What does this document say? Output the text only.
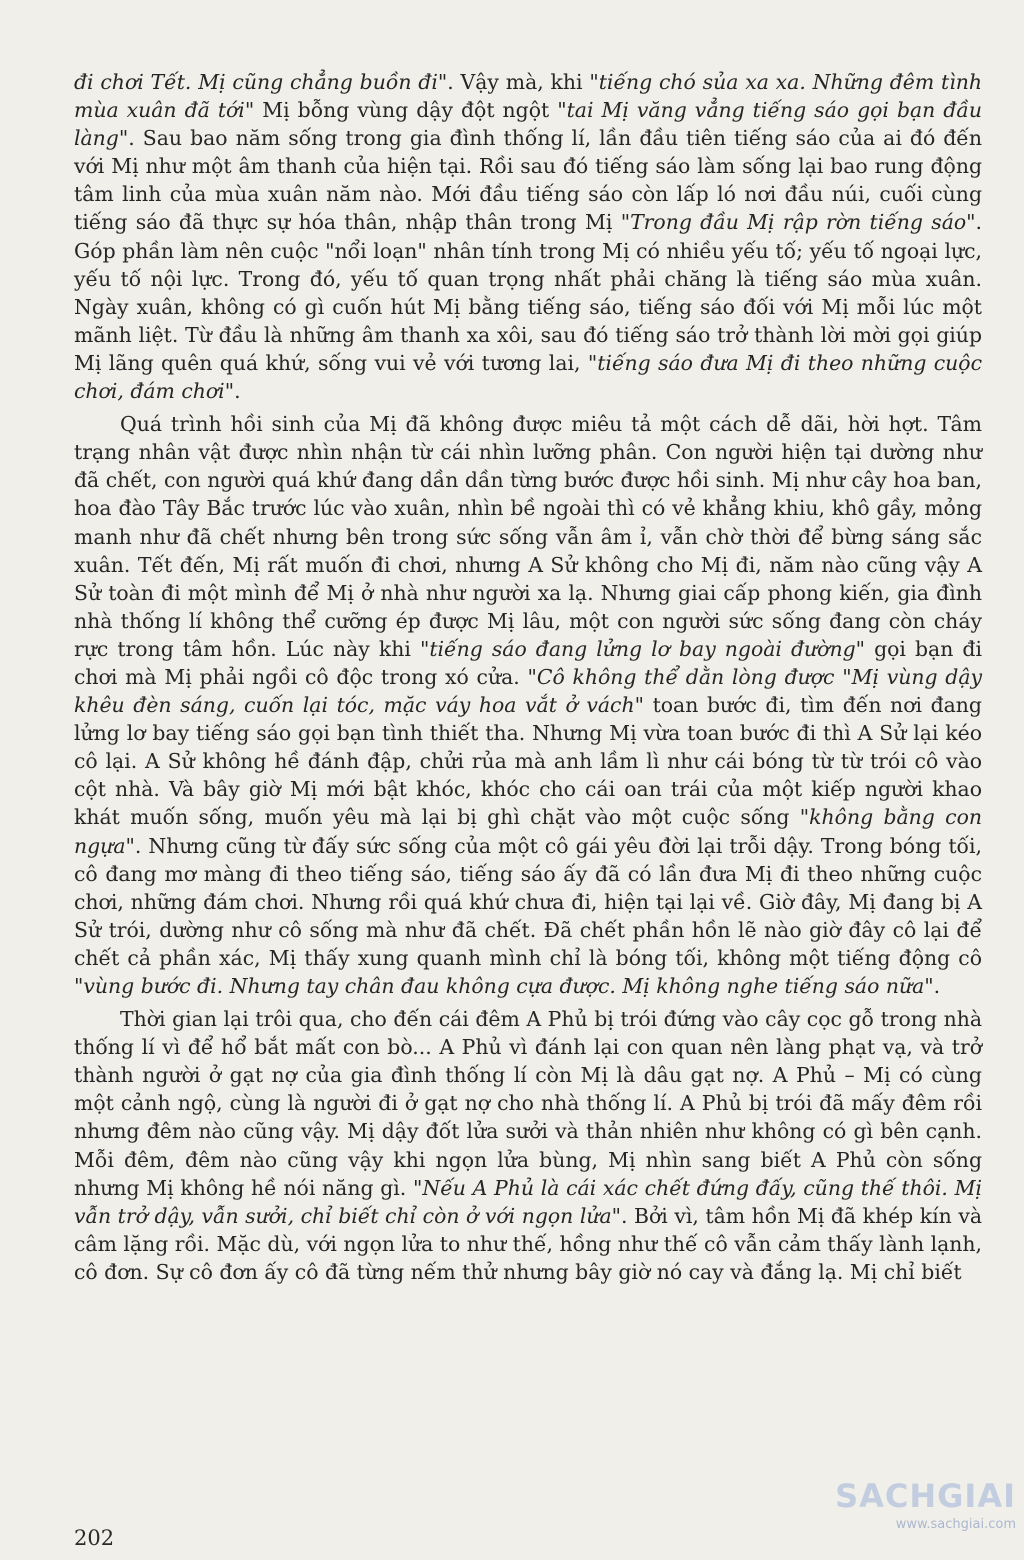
đi chơi Tết. Mị cũng chẳng buồn đi". Vậy mà, khi "tiếng chó sủa xa xa. Những đêm tình mùa xuân đã tới" Mị bỗng vùng dậy đột ngột "tai Mị văng vẳng tiếng sáo gọi bạn đầu làng". Sau bao năm sống trong gia đình thống lí, lần đầu tiên tiếng sáo của ai đó đến với Mị như một âm thanh của hiện tại. Rồi sau đó tiếng sáo làm sống lại bao rung động tâm linh của mùa xuân năm nào. Mới đầu tiếng sáo còn lấp ló nơi đầu núi, cuối cùng tiếng sáo đã thực sự hóa thân, nhập thân trong Mị "Trong đầu Mị rập rờn tiếng sáo". Góp phần làm nên cuộc "nổi loạn" nhân tính trong Mị có nhiều yếu tố; yếu tố ngoại lực, yếu tố nội lực. Trong đó, yếu tố quan trọng nhất phải chăng là tiếng sáo mùa xuân. Ngày xuân, không có gì cuốn hút Mị bằng tiếng sáo, tiếng sáo đối với Mị mỗi lúc một mãnh liệt. Từ đầu là những âm thanh xa xôi, sau đó tiếng sáo trở thành lời mời gọi giúp Mị lãng quên quá khứ, sống vui vẻ với tương lai, "tiếng sáo đưa Mị đi theo những cuộc chơi, đám chơi".

Quá trình hồi sinh của Mị đã không được miêu tả một cách dễ dãi, hời hợt. Tâm trạng nhân vật được nhìn nhận từ cái nhìn lưỡng phân. Con người hiện tại dường như đã chết, con người quá khứ đang dần dần từng bước được hồi sinh. Mị như cây hoa ban, hoa đào Tây Bắc trước lúc vào xuân, nhìn bề ngoài thì có vẻ khẳng khiu, khô gầy, mỏng manh như đã chết nhưng bên trong sức sống vẫn âm ỉ, vẫn chờ thời để bừng sáng sắc xuân. Tết đến, Mị rất muốn đi chơi, nhưng A Sử không cho Mị đi, năm nào cũng vậy A Sử toàn đi một mình để Mị ở nhà như người xa lạ. Nhưng giai cấp phong kiến, gia đình nhà thống lí không thể cưỡng ép được Mị lâu, một con người sức sống đang còn cháy rực trong tâm hồn. Lúc này khi "tiếng sáo đang lửng lơ bay ngoài đường" gọi bạn đi chơi mà Mị phải ngồi cô độc trong xó cửa. "Cô không thể dằn lòng được "Mị vùng dậy khêu đèn sáng, cuốn lại tóc, mặc váy hoa vắt ở vách" toan bước đi, tìm đến nơi đang lửng lơ bay tiếng sáo gọi bạn tình thiết tha. Nhưng Mị vừa toan bước đi thì A Sử lại kéo cô lại. A Sử không hề đánh đập, chửi rủa mà anh lầm lì như cái bóng từ từ trói cô vào cột nhà. Và bây giờ Mị mới bật khóc, khóc cho cái oan trái của một kiếp người khao khát muốn sống, muốn yêu mà lại bị ghì chặt vào một cuộc sống "không bằng con ngựa". Nhưng cũng từ đấy sức sống của một cô gái yêu đời lại trỗi dậy. Trong bóng tối, cô đang mơ màng đi theo tiếng sáo, tiếng sáo ấy đã có lần đưa Mị đi theo những cuộc chơi, những đám chơi. Nhưng rồi quá khứ chưa đi, hiện tại lại về. Giờ đây, Mị đang bị A Sử trói, dường như cô sống mà như đã chết. Đã chết phần hồn lẽ nào giờ đây cô lại để chết cả phần xác, Mị thấy xung quanh mình chỉ là bóng tối, không một tiếng động cô "vùng bước đi. Nhưng tay chân đau không cựa được. Mị không nghe tiếng sáo nữa".

Thời gian lại trôi qua, cho đến cái đêm A Phủ bị trói đứng vào cây cọc gỗ trong nhà thống lí vì để hổ bắt mất con bò... A Phủ vì đánh lại con quan nên làng phạt vạ, và trở thành người ở gạt nợ của gia đình thống lí còn Mị là dâu gạt nợ. A Phủ – Mị có cùng một cảnh ngộ, cùng là người đi ở gạt nợ cho nhà thống lí. A Phủ bị trói đã mấy đêm rồi nhưng đêm nào cũng vậy. Mị dậy đốt lửa sưởi và thản nhiên như không có gì bên cạnh. Mỗi đêm, đêm nào cũng vậy khi ngọn lửa bùng, Mị nhìn sang biết A Phủ còn sống nhưng Mị không hề nói năng gì. "Nếu A Phủ là cái xác chết đứng đấy, cũng thế thôi. Mị vẫn trở dậy, vẫn sưởi, chỉ biết chỉ còn ở với ngọn lửa". Bởi vì, tâm hồn Mị đã khép kín và câm lặng rồi. Mặc dù, với ngọn lửa to như thế, hồng như thế cô vẫn cảm thấy lành lạnh, cô đơn. Sự cô đơn ấy cô đã từng nếm thử nhưng bây giờ nó cay và đắng lạ. Mị chỉ biết

202
SACHGIAI
www.sachgiai.com
